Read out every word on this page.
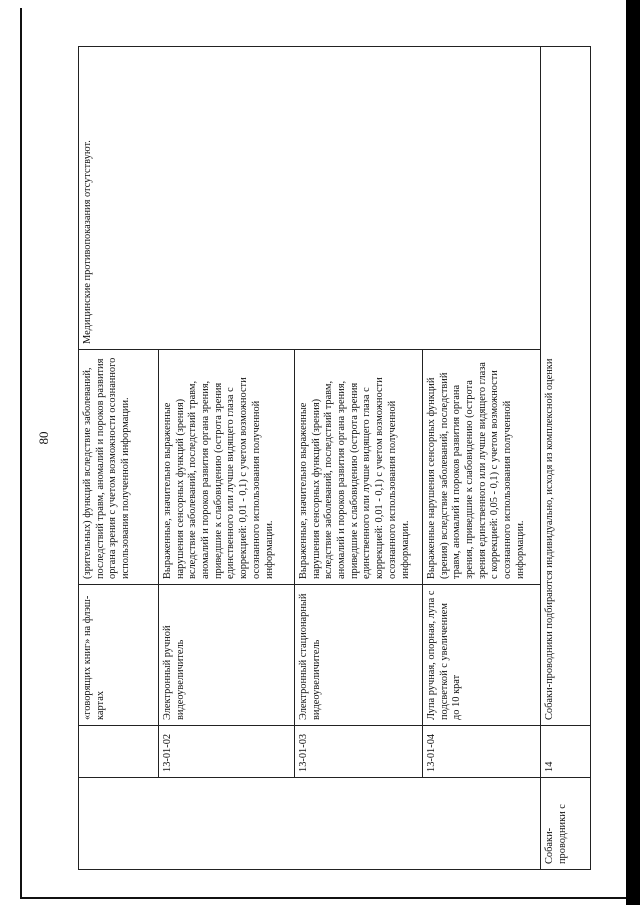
80
		«говорящих книг» на флэш-картах	(зрительных) функций вследствие заболеваний, последствий травм, аномалий и пороков развития органа зрения с учетом возможности осознанного использования полученной информации.	Медицинские противопоказания отсутствуют.
	13-01-02	Электронный ручной видеоувеличитель	Выраженные, значительно выраженные нарушения сенсорных функций (зрения) вследствие заболеваний, последствий травм, аномалий и пороков развития органа зрения, приведшие к слабовидению (острота зрения единственного или лучше видящего глаза с коррекцией: 0,01 - 0,1) с учетом возможности осознанного использования полученной информации.	
	13-01-03	Электронный стационарный видеоувеличитель	Выраженные, значительно выраженные нарушения сенсорных функций (зрения) вследствие заболеваний, последствий травм, аномалий и пороков развития органа зрения, приведшие к слабовидению (острота зрения единственного или лучше видящего глаза с коррекцией: 0,01 - 0,1) с учетом возможности осознанного использования полученной информации.	
	13-01-04	Лупа ручная, опорная, лупа с подсветкой с увеличением до 10 крат	Выраженные нарушения сенсорных функций (зрения) вследствие заболеваний, последствий травм, аномалий и пороков развития органа зрения, приведшие к слабовидению (острота зрения единственного или лучше видящего глаза с коррекцией: 0,05 - 0,1) с учетом возможности осознанного использования полученной информации.	
Собаки-проводники с	14	Собаки-проводники подбираются индивидуально, исходя из комплексной оценки		
